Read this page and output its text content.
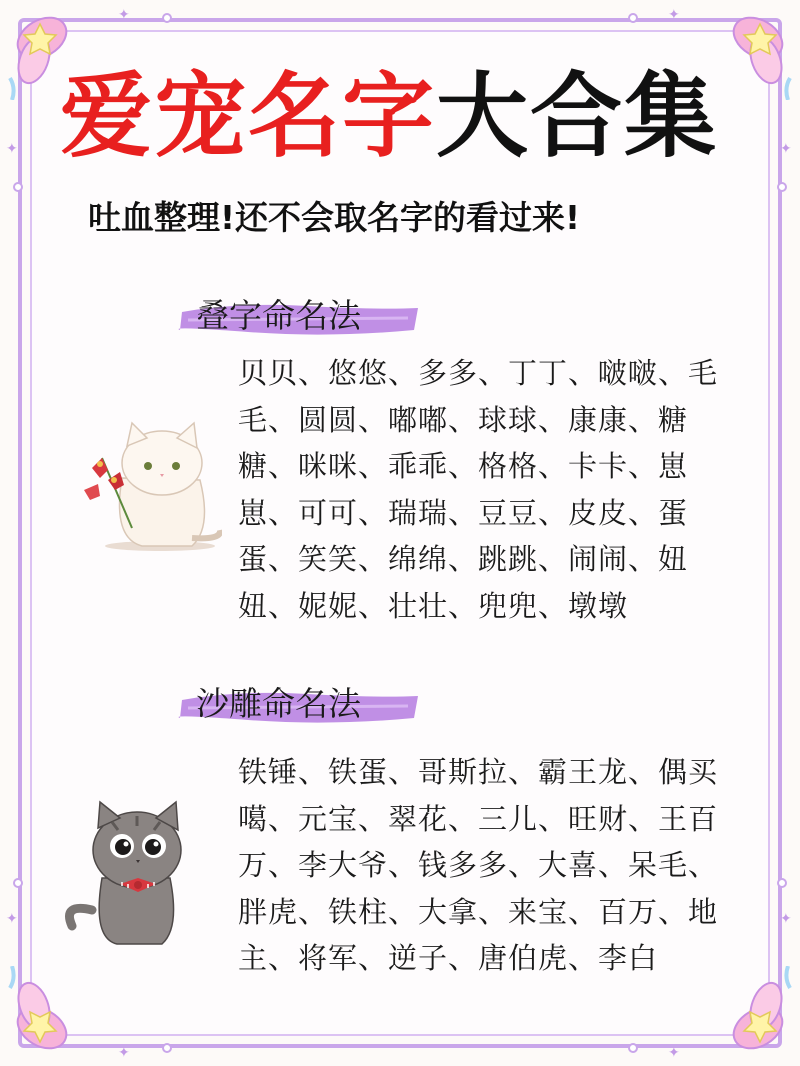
✦	✦
✦	✦
✦	✦
✦	✦
爱宠名字大合集
吐血整理!还不会取名字的看过来!
叠字命名法
贝贝、悠悠、多多、丁丁、啵啵、毛毛、圆圆、嘟嘟、球球、康康、糖糖、咪咪、乖乖、格格、卡卡、崽崽、可可、瑞瑞、豆豆、皮皮、蛋蛋、笑笑、绵绵、跳跳、闹闹、妞妞、妮妮、壮壮、兜兜、墩墩
沙雕命名法
铁锤、铁蛋、哥斯拉、霸王龙、偶买噶、元宝、翠花、三儿、旺财、王百万、李大爷、钱多多、大喜、呆毛、胖虎、铁柱、大拿、来宝、百万、地主、将军、逆子、唐伯虎、李白
